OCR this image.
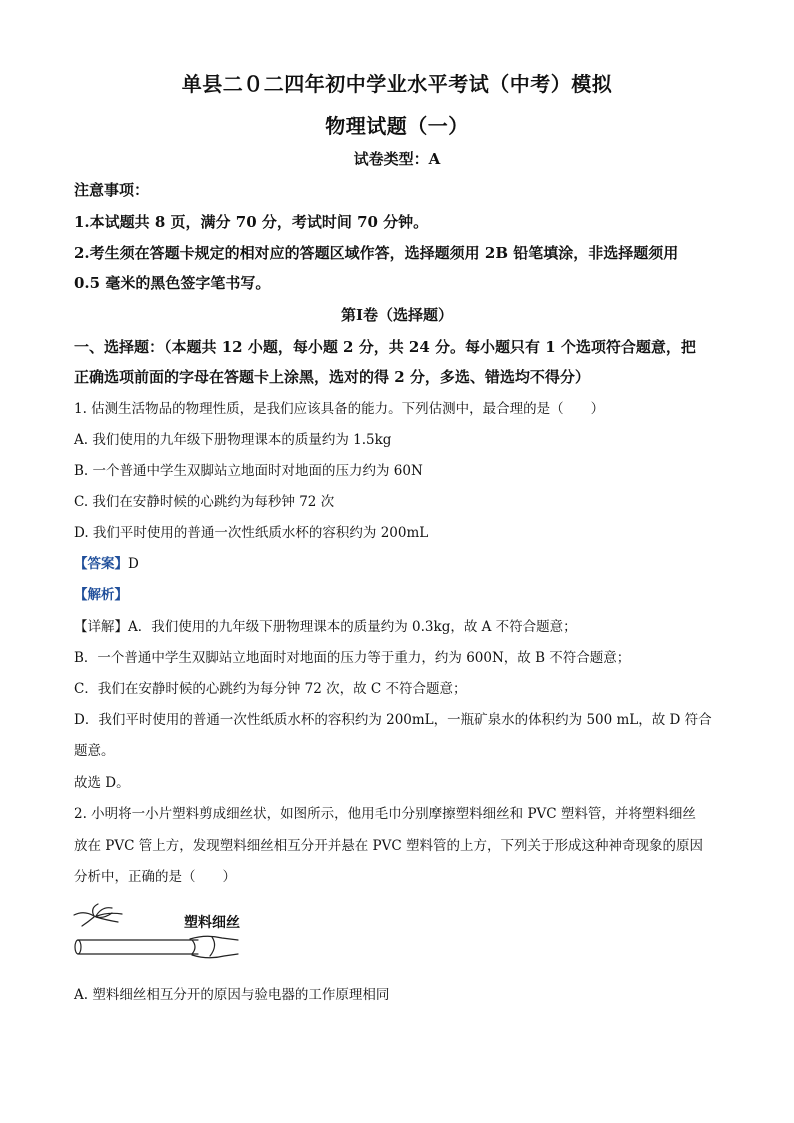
单县二０二四年初中学业水平考试（中考）模拟
物理试题（一）
试卷类型：A
注意事项：
1.本试题共 8 页，满分 70 分，考试时间 70 分钟。
2.考生须在答题卡规定的相对应的答题区域作答，选择题须用 2B 铅笔填涂，非选择题须用
0.5 毫米的黑色签字笔书写。
第Ⅰ卷（选择题）
一、选择题：（本题共 12 小题，每小题 2 分，共 24 分。每小题只有 1 个选项符合题意，把
正确选项前面的字母在答题卡上涂黑，选对的得 2 分，多选、错选均不得分）
1. 估测生活物品的物理性质，是我们应该具备的能力。下列估测中，最合理的是（　　）
A. 我们使用的九年级下册物理课本的质量约为 1.5kg
B. 一个普通中学生双脚站立地面时对地面的压力约为 60N
C. 我们在安静时候的心跳约为每秒钟 72 次
D. 我们平时使用的普通一次性纸质水杯的容积约为 200mL
【答案】D
【解析】
【详解】A．我们使用的九年级下册物理课本的质量约为 0.3kg，故 A 不符合题意；
B．一个普通中学生双脚站立地面时对地面的压力等于重力，约为 600N，故 B 不符合题意；
C．我们在安静时候的心跳约为每分钟 72 次，故 C 不符合题意；
D．我们平时使用的普通一次性纸质水杯的容积约为 200mL，一瓶矿泉水的体积约为 500 mL，故 D 符合
题意。
故选 D。
2. 小明将一小片塑料剪成细丝状，如图所示，他用毛巾分别摩擦塑料细丝和 PVC 塑料管，并将塑料细丝
放在 PVC 管上方，发现塑料细丝相互分开并悬在 PVC 塑料管的上方，下列关于形成这种神奇现象的原因
分析中，正确的是（　　）
塑料细丝
A. 塑料细丝相互分开的原因与验电器的工作原理相同
